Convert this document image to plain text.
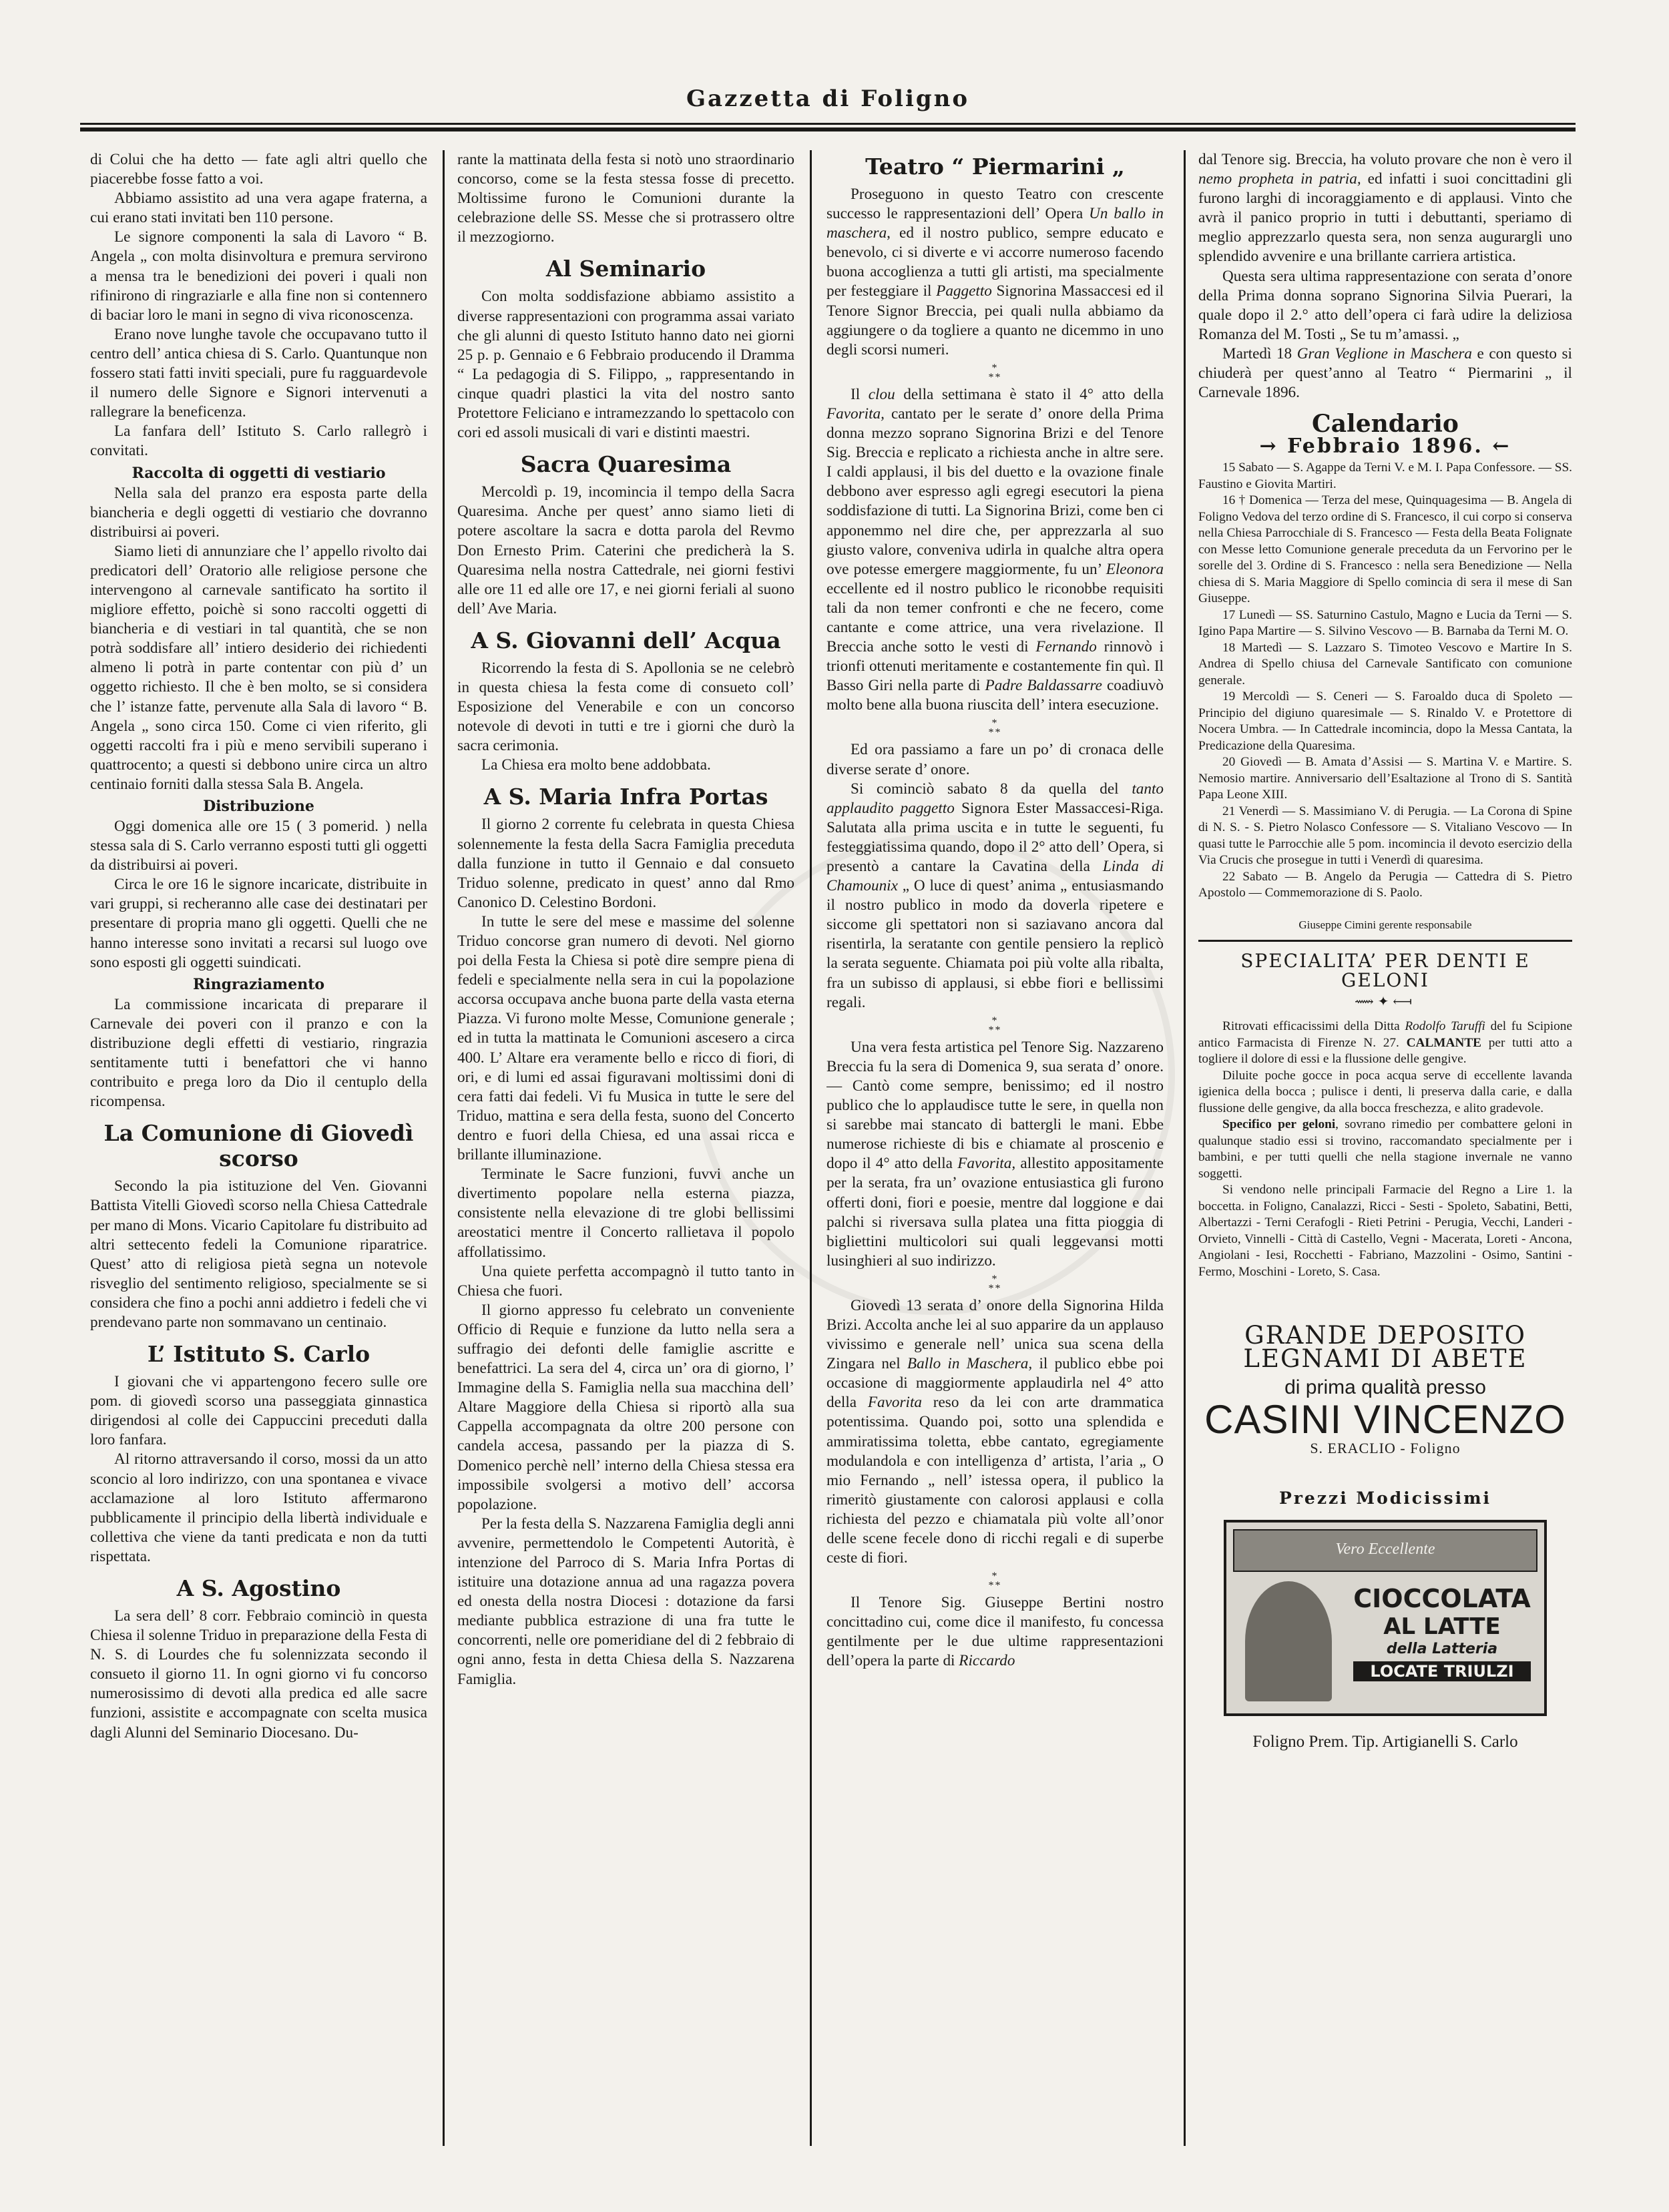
Gazzetta di Foligno

di Colui che ha detto — fate agli altri quello che piacerebbe fosse fatto a voi.

Abbiamo assistito ad una vera agape fraterna, a cui erano stati invitati ben 110 persone.

Le signore componenti la sala di Lavoro “ B. Angela „ con molta disinvoltura e premura servirono a mensa tra le benedizioni dei poveri i quali non rifinirono di ringraziarle e alla fine non si contennero di baciar loro le mani in segno di viva riconoscenza.

Erano nove lunghe tavole che occupavano tutto il centro dell’ antica chiesa di S. Carlo. Quantunque non fossero stati fatti inviti speciali, pure fu ragguardevole il numero delle Signore e Signori intervenuti a rallegrare la beneficenza.

La fanfara dell’ Istituto S. Carlo rallegrò i convitati.

Raccolta di oggetti di vestiario

Nella sala del pranzo era esposta parte della biancheria e degli oggetti di vestiario che dovranno distribuirsi ai poveri.

Siamo lieti di annunziare che l’ appello rivolto dai predicatori dell’ Oratorio alle religiose persone che intervengono al carnevale santificato ha sortito il migliore effetto, poichè si sono raccolti oggetti di biancheria e di vestiari in tal quantità, che se non potrà soddisfare all’ intiero desiderio dei richiedenti almeno li potrà in parte contentar con più d’ un oggetto richiesto. Il che è ben molto, se si considera che l’ istanze fatte, pervenute alla Sala di lavoro “ B. Angela „ sono circa 150. Come ci vien riferito, gli oggetti raccolti fra i più e meno servibili superano i quattrocento; a questi si debbono unire circa un altro centinaio forniti dalla stessa Sala B. Angela.

Distribuzione

Oggi domenica alle ore 15 ( 3 pomerid. ) nella stessa sala di S. Carlo verranno esposti tutti gli oggetti da distribuirsi ai poveri.

Circa le ore 16 le signore incaricate, distribuite in vari gruppi, si recheranno alle case dei destinatari per presentare di propria mano gli oggetti. Quelli che ne hanno interesse sono invitati a recarsi sul luogo ove sono esposti gli oggetti suindicati.

Ringraziamento

La commissione incaricata di preparare il Carnevale dei poveri con il pranzo e con la distribuzione degli effetti di vestiario, ringrazia sentitamente tutti i benefattori che vi hanno contribuito e prega loro da Dio il centuplo della ricompensa.

La Comunione di Giovedì scorso

Secondo la pia istituzione del Ven. Giovanni Battista Vitelli Giovedì scorso nella Chiesa Cattedrale per mano di Mons. Vicario Capitolare fu distribuito ad altri settecento fedeli la Comunione riparatrice. Quest’ atto di religiosa pietà segna un notevole risveglio del sentimento religioso, specialmente se si considera che fino a pochi anni addietro i fedeli che vi prendevano parte non sommavano un centinaio.

L’ Istituto S. Carlo

I giovani che vi appartengono fecero sulle ore pom. di giovedì scorso una passeggiata ginnastica dirigendosi al colle dei Cappuccini preceduti dalla loro fanfara.

Al ritorno attraversando il corso, mossi da un atto sconcio al loro indirizzo, con una spontanea e vivace acclamazione al loro Istituto affermarono pubblicamente il principio della libertà individuale e collettiva che viene da tanti predicata e non da tutti rispettata.

A S. Agostino

La sera dell’ 8 corr. Febbraio cominciò in questa Chiesa il solenne Triduo in preparazione della Festa di N. S. di Lourdes che fu solennizzata secondo il consueto il giorno 11. In ogni giorno vi fu concorso numerosissimo di devoti alla predica ed alle sacre funzioni, assistite e accompagnate con scelta musica dagli Alunni del Seminario Diocesano. Du-

rante la mattinata della festa si notò uno straordinario concorso, come se la festa stessa fosse di precetto. Moltissime furono le Comunioni durante la celebrazione delle SS. Messe che si protrassero oltre il mezzogiorno.

Al Seminario

Con molta soddisfazione abbiamo assistito a diverse rappresentazioni con programma assai variato che gli alunni di questo Istituto hanno dato nei giorni 25 p. p. Gennaio e 6 Febbraio producendo il Dramma “ La pedagogia di S. Filippo, „ rappresentando in cinque quadri plastici la vita del nostro santo Protettore Feliciano e intramezzando lo spettacolo con cori ed assoli musicali di vari e distinti maestri.

Sacra Quaresima

Mercoldì p. 19, incomincia il tempo della Sacra Quaresima. Anche per quest’ anno siamo lieti di potere ascoltare la sacra e dotta parola del Revmo Don Ernesto Prim. Caterini che predicherà la S. Quaresima nella nostra Cattedrale, nei giorni festivi alle ore 11 ed alle ore 17, e nei giorni feriali al suono dell’ Ave Maria.

A S. Giovanni dell’ Acqua

Ricorrendo la festa di S. Apollonia se ne celebrò in questa chiesa la festa come di consueto coll’ Esposizione del Venerabile e con un concorso notevole di devoti in tutti e tre i giorni che durò la sacra cerimonia.

La Chiesa era molto bene addobbata.

A S. Maria Infra Portas

Il giorno 2 corrente fu celebrata in questa Chiesa solennemente la festa della Sacra Famiglia preceduta dalla funzione in tutto il Gennaio e dal consueto Triduo solenne, predicato in quest’ anno dal Rmo Canonico D. Celestino Bordoni.

In tutte le sere del mese e massime del solenne Triduo concorse gran numero di devoti. Nel giorno poi della Festa la Chiesa si potè dire sempre piena di fedeli e specialmente nella sera in cui la popolazione accorsa occupava anche buona parte della vasta eterna Piazza. Vi furono molte Messe, Comunione generale ; ed in tutta la mattinata le Comunioni ascesero a circa 400. L’ Altare era veramente bello e ricco di fiori, di ori, e di lumi ed assai figuravani moltissimi doni di cera fatti dai fedeli. Vi fu Musica in tutte le sere del Triduo, mattina e sera della festa, suono del Concerto dentro e fuori della Chiesa, ed una assai ricca e brillante illuminazione.

Terminate le Sacre funzioni, fuvvi anche un divertimento popolare nella esterna piazza, consistente nella elevazione di tre globi bellissimi areostatici mentre il Concerto rallietava il popolo affollatissimo.

Una quiete perfetta accompagnò il tutto tanto in Chiesa che fuori.

Il giorno appresso fu celebrato un conveniente Officio di Requie e funzione da lutto nella sera a suffragio dei defonti delle famiglie ascritte e benefattrici. La sera del 4, circa un’ ora di giorno, l’ Immagine della S. Famiglia nella sua macchina dell’ Altare Maggiore della Chiesa si riportò alla sua Cappella accompagnata da oltre 200 persone con candela accesa, passando per la piazza di S. Domenico perchè nell’ interno della Chiesa stessa era impossibile svolgersi a motivo dell’ accorsa popolazione.

Per la festa della S. Nazzarena Famiglia degli anni avvenire, permettendolo le Competenti Autorità, è intenzione del Parroco di S. Maria Infra Portas di istituire una dotazione annua ad una ragazza povera ed onesta della nostra Diocesi : dotazione da farsi mediante pubblica estrazione di una fra tutte le concorrenti, nelle ore pomeridiane del di 2 febbraio di ogni anno, festa in detta Chiesa della S. Nazzarena Famiglia.

Teatro “ Piermarini „

Proseguono in questo Teatro con crescente successo le rappresentazioni dell’ Opera Un ballo in maschera, ed il nostro publico, sempre educato e benevolo, ci si diverte e vi accorre numeroso facendo buona accoglienza a tutti gli artisti, ma specialmente per festeggiare il Paggetto Signorina Massaccesi ed il Tenore Signor Breccia, pei quali nulla abbiamo da aggiungere o da togliere a quanto ne dicemmo in uno degli scorsi numeri.

*
**

Il clou della settimana è stato il 4° atto della Favorita, cantato per le serate d’ onore della Prima donna mezzo soprano Signorina Brizi e del Tenore Sig. Breccia e replicato a richiesta anche in altre sere. I caldi applausi, il bis del duetto e la ovazione finale debbono aver espresso agli egregi esecutori la piena soddisfazione di tutti. La Signorina Brizi, come ben ci apponemmo nel dire che, per apprezzarla al suo giusto valore, conveniva udirla in qualche altra opera ove potesse emergere maggiormente, fu un’ Eleonora eccellente ed il nostro publico le riconobbe requisiti tali da non temer confronti e che ne fecero, come cantante e come attrice, una vera rivelazione. Il Breccia anche sotto le vesti di Fernando rinnovò i trionfi ottenuti meritamente e costantemente fin quì. Il Basso Giri nella parte di Padre Baldassarre coadiuvò molto bene alla buona riuscita dell’ intera esecuzione.

*
**

Ed ora passiamo a fare un po’ di cronaca delle diverse serate d’ onore.

Si cominciò sabato 8 da quella del tanto applaudito paggetto Signora Ester Massaccesi-Riga. Salutata alla prima uscita e in tutte le seguenti, fu festeggiatissima quando, dopo il 2° atto dell’ Opera, si presentò a cantare la Cavatina della Linda di Chamounix „ O luce di quest’ anima „ entusiasmando il nostro publico in modo da doverla ripetere e siccome gli spettatori non si saziavano ancora dal risentirla, la seratante con gentile pensiero la replicò la serata seguente. Chiamata poi più volte alla ribalta, fra un subisso di applausi, si ebbe fiori e bellissimi regali.

*
**

Una vera festa artistica pel Tenore Sig. Nazzareno Breccia fu la sera di Domenica 9, sua serata d’ onore. — Cantò come sempre, benissimo; ed il nostro publico che lo applaudisce tutte le sere, in quella non si sarebbe mai stancato di battergli le mani. Ebbe numerose richieste di bis e chiamate al proscenio e dopo il 4° atto della Favorita, allestito appositamente per la serata, fra un’ ovazione entusiastica gli furono offerti doni, fiori e poesie, mentre dal loggione e dai palchi si riversava sulla platea una fitta pioggia di bigliettini multicolori sui quali leggevansi motti lusinghieri al suo indirizzo.

*
**

Giovedì 13 serata d’ onore della Signorina Hilda Brizi. Accolta anche lei al suo apparire da un applauso vivissimo e generale nell’ unica sua scena della Zingara nel Ballo in Maschera, il publico ebbe poi occasione di maggiormente applaudirla nel 4° atto della Favorita reso da lei con arte drammatica potentissima. Quando poi, sotto una splendida e ammiratissima toletta, ebbe cantato, egregiamente modulandola e con intelligenza d’ artista, l’aria „ O mio Fernando „ nell’ istessa opera, il publico la rimeritò giustamente con calorosi applausi e colla richiesta del pezzo e chiamatala più volte all’onor delle scene fecele dono di ricchi regali e di superbe ceste di fiori.

*
**

Il Tenore Sig. Giuseppe Bertini nostro concittadino cui, come dice il manifesto, fu concessa gentilmente per le due ultime rappresentazioni dell’opera la parte di Riccardo

dal Tenore sig. Breccia, ha voluto provare che non è vero il nemo propheta in patria, ed infatti i suoi concittadini gli furono larghi di incoraggiamento e di applausi. Vinto che avrà il panico proprio in tutti i debuttanti, speriamo di meglio apprezzarlo questa sera, non senza augurargli uno splendido avvenire e una brillante carriera artistica.

Questa sera ultima rappresentazione con serata d’onore della Prima donna soprano Signorina Silvia Puerari, la quale dopo il 2.° atto dell’opera ci farà udire la deliziosa Romanza del M. Tosti „ Se tu m’amassi. „

Martedì 18 Gran Veglione in Maschera e con questo si chiuderà per quest’anno al Teatro “ Piermarini „ il Carnevale 1896.

Calendario
→ Febbraio 1896. ←

15 Sabato — S. Agappe da Terni V. e M. I. Papa Confessore. — SS. Faustino e Giovita Martiri.

16 † Domenica — Terza del mese, Quinquagesima — B. Angela di Foligno Vedova del terzo ordine di S. Francesco, il cui corpo si conserva nella Chiesa Parrocchiale di S. Francesco — Festa della Beata Folignate con Messe letto Comunione generale preceduta da un Fervorino per le sorelle del 3. Ordine di S. Francesco : nella sera Benedizione — Nella chiesa di S. Maria Maggiore di Spello comincia di sera il mese di San Giuseppe.

17 Lunedì — SS. Saturnino Castulo, Magno e Lucia da Terni — S. Igino Papa Martire — S. Silvino Vescovo — B. Barnaba da Terni M. O.

18 Martedì — S. Lazzaro S. Timoteo Vescovo e Martire In S. Andrea di Spello chiusa del Carnevale Santificato con comunione generale.

19 Mercoldì — S. Ceneri — S. Faroaldo duca di Spoleto — Principio del digiuno quaresimale — S. Rinaldo V. e Protettore di Nocera Umbra. — In Cattedrale incomincia, dopo la Messa Cantata, la Predicazione della Quaresima.

20 Giovedì — B. Amata d’Assisi — S. Martina V. e Martire. S. Nemosio martire. Anniversario dell’Esaltazione al Trono di S. Santità Papa Leone XIII.

21 Venerdì — S. Massimiano V. di Perugia. — La Corona di Spine di N. S. - S. Pietro Nolasco Confessore — S. Vitaliano Vescovo — In quasi tutte le Parrocchie alle 5 pom. incomincia il devoto esercizio della Via Crucis che prosegue in tutti i Venerdì di quaresima.

22 Sabato — B. Angelo da Perugia — Cattedra di S. Pietro Apostolo — Commemorazione di S. Paolo.

Giuseppe Cimini gerente responsabile
SPECIALITA’ PER DENTI E GELONI
⟿✦⟻

Ritrovati efficacissimi della Ditta Rodolfo Taruffi del fu Scipione antico Farmacista di Firenze N. 27. CALMANTE per tutti atto a togliere il dolore di essi e la flussione delle gengive.

Diluite poche gocce in poca acqua serve di eccellente lavanda igienica della bocca ; pulisce i denti, li preserva dalla carie, e dalla flussione delle gengive, da alla bocca freschezza, e alito gradevole.

Specifico per geloni, sovrano rimedio per combattere geloni in qualunque stadio essi si trovino, raccomandato specialmente per i bambini, e per tutti quelli che nella stagione invernale ne vanno soggetti.

Si vendono nelle principali Farmacie del Regno a Lire 1. la boccetta. in Foligno, Canalazzi, Ricci - Sesti - Spoleto, Sabatini, Betti, Albertazzi - Terni Cerafogli - Rieti Petrini - Perugia, Vecchi, Landeri - Orvieto, Vinnelli - Città di Castello, Vegni - Macerata, Loreti - Ancona, Angiolani - Iesi, Rocchetti - Fabriano, Mazzolini - Osimo, Santini - Fermo, Moschini - Loreto, S. Casa.

GRANDE DEPOSITO
LEGNAMI DI ABETE
di prima qualità presso
CASINI VINCENZO
S. ERACLIO - Foligno
Prezzi Modicissimi
Vero Eccellente
CIOCCOLATA
AL LATTE
della Latteria
LOCATE TRIULZI
Foligno Prem. Tip. Artigianelli S. Carlo
